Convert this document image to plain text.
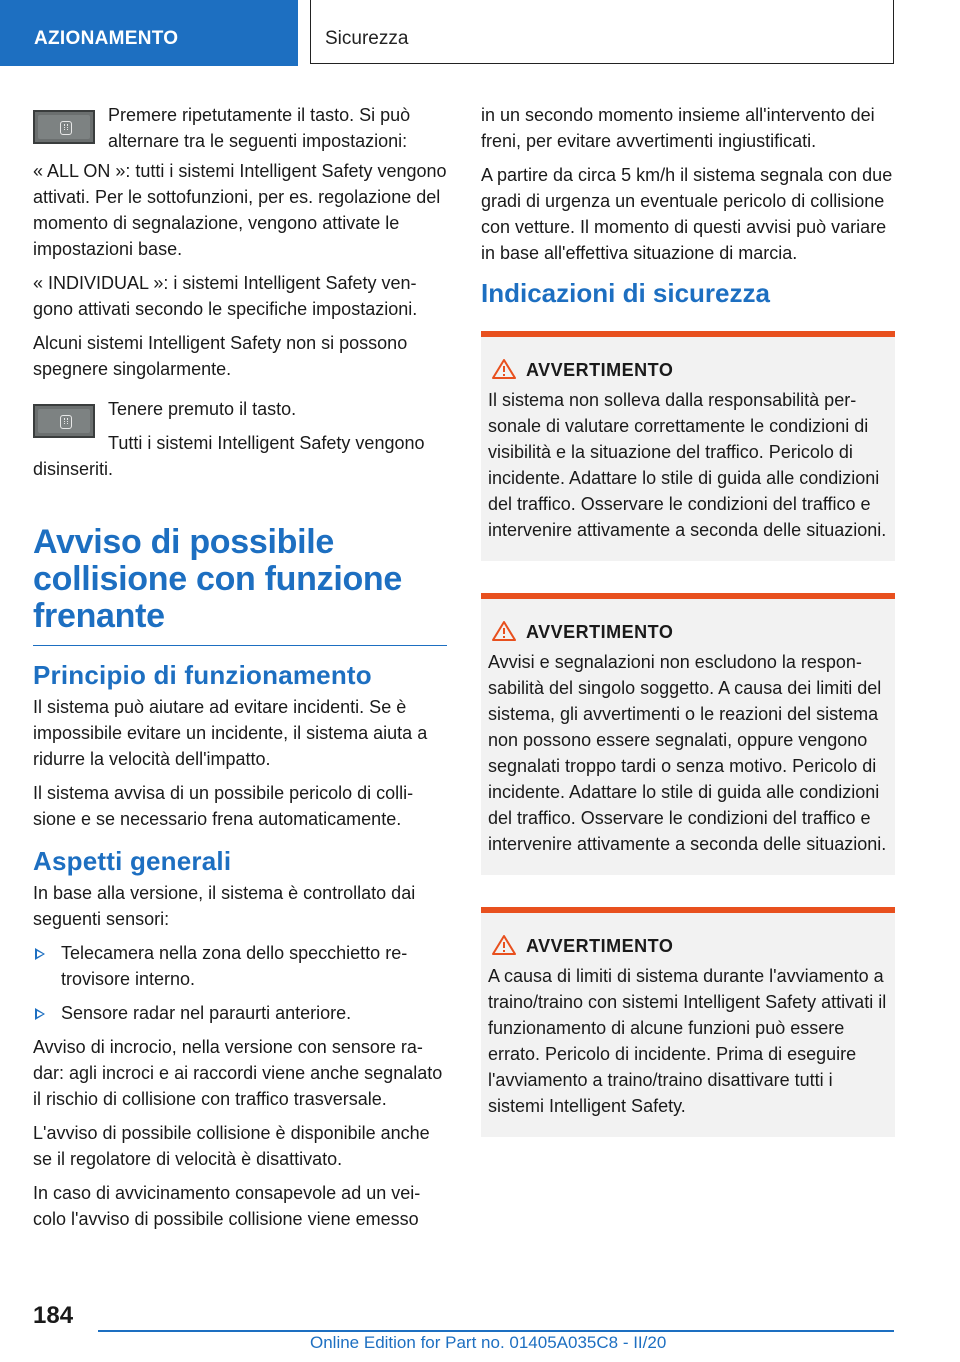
AZIONAMENTO	Sicurezza

Premere ripetutamente il tasto. Si può alternare tra le seguenti impostazioni:

« ALL ON »: tutti i sistemi Intelligent Safety vengono attivati. Per le sottofunzioni, per es. regolazione del momento di segnalazione, vengono attivate le impostazioni base.

« INDIVIDUAL »: i sistemi Intelligent Safety vengono attivati secondo le specifiche impostazioni.

Alcuni sistemi Intelligent Safety non si possono spegnere singolarmente.

Tenere premuto il tasto.

Tutti i sistemi Intelligent Safety vengono disinseriti.

Avviso di possibile collisione con funzione frenante
Principio di funzionamento

Il sistema può aiutare ad evitare incidenti. Se è impossibile evitare un incidente, il sistema aiuta a ridurre la velocità dell'impatto.

Il sistema avvisa di un possibile pericolo di collisione e se necessario frena automaticamente.

Aspetti generali

In base alla versione, il sistema è controllato dai seguenti sensori:

Telecamera nella zona dello specchietto retrovisore interno.
Sensore radar nel paraurti anteriore.

Avviso di incrocio, nella versione con sensore radar: agli incroci e ai raccordi viene anche segnalato il rischio di collisione con traffico trasversale.

L'avviso di possibile collisione è disponibile anche se il regolatore di velocità è disattivato.

In caso di avvicinamento consapevole ad un veicolo l'avviso di possibile collisione viene emesso

in un secondo momento insieme all'intervento dei freni, per evitare avvertimenti ingiustificati.

A partire da circa 5 km/h il sistema segnala con due gradi di urgenza un eventuale pericolo di collisione con vetture. Il momento di questi avvisi può variare in base all'effettiva situazione di marcia.

Indicazioni di sicurezza
AVVERTIMENTO

Il sistema non solleva dalla responsabilità personale di valutare correttamente le condizioni di visibilità e la situazione del traffico. Pericolo di incidente. Adattare lo stile di guida alle condizioni del traffico. Osservare le condizioni del traffico e intervenire attivamente a seconda delle situazioni.

AVVERTIMENTO

Avvisi e segnalazioni non escludono la responsabilità del singolo soggetto. A causa dei limiti del sistema, gli avvertimenti o le reazioni del sistema non possono essere segnalati, oppure vengono segnalati troppo tardi o senza motivo. Pericolo di incidente. Adattare lo stile di guida alle condizioni del traffico. Osservare le condizioni del traffico e intervenire attivamente a seconda delle situazioni.

AVVERTIMENTO

A causa di limiti di sistema durante l'avviamento a traino/traino con sistemi Intelligent Safety attivati il funzionamento di alcune funzioni può essere errato. Pericolo di incidente. Prima di eseguire l'avviamento a traino/traino disattivare tutti i sistemi Intelligent Safety.

184
Online Edition for Part no. 01405A035C8 - II/20
